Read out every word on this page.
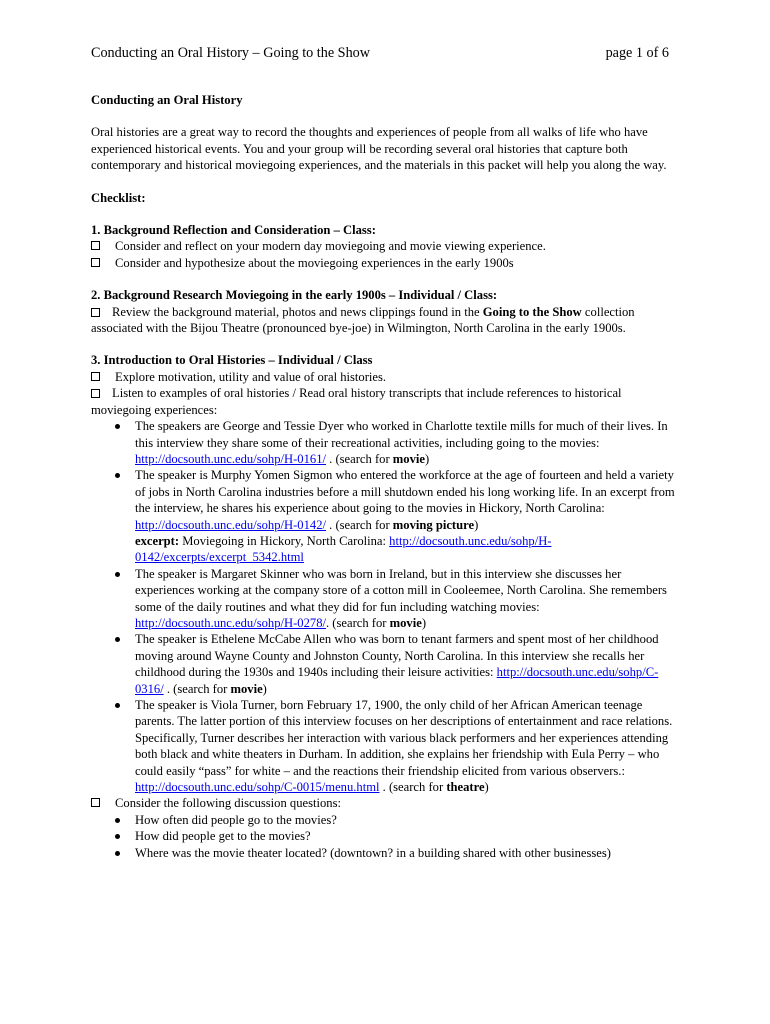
Conducting an Oral History – Going to the Show	page 1 of 6

Conducting an Oral History

Oral histories are a great way to record the thoughts and experiences of people from all walks of life who have experienced historical events. You and your group will be recording several oral histories that capture both contemporary and historical moviegoing experiences, and the materials in this packet will help you along the way.

Checklist:

1. Background Reflection and Consideration – Class:

Consider and reflect on your modern day moviegoing and movie viewing experience.
Consider and hypothesize about the moviegoing experiences in the early 1900s

2. Background Research Moviegoing in the early 1900s – Individual / Class:

Review the background material, photos and news clippings found in the Going to the Show collection associated with the Bijou Theatre (pronounced bye-joe) in Wilmington, North Carolina in the early 1900s.

3. Introduction to Oral Histories – Individual / Class

Explore motivation, utility and value of oral histories.

Listen to examples of oral histories / Read oral history transcripts that include references to historical moviegoing experiences:

The speakers are George and Tessie Dyer who worked in Charlotte textile mills for much of their lives. In this interview they share some of their recreational activities, including going to the movies: http://docsouth.unc.edu/sohp/H-0161/ . (search for movie)
The speaker is Murphy Yomen Sigmon who entered the workforce at the age of fourteen and held a variety of jobs in North Carolina industries before a mill shutdown ended his long working life. In an excerpt from the interview, he shares his experience about going to the movies in Hickory, North Carolina: http://docsouth.unc.edu/sohp/H-0142/ . (search for moving picture)
excerpt: Moviegoing in Hickory, North Carolina: http://docsouth.unc.edu/sohp/H-0142/excerpts/excerpt_5342.html
The speaker is Margaret Skinner who was born in Ireland, but in this interview she discusses her experiences working at the company store of a cotton mill in Cooleemee, North Carolina. She remembers some of the daily routines and what they did for fun including watching movies: http://docsouth.unc.edu/sohp/H-0278/. (search for movie)
The speaker is Ethelene McCabe Allen who was born to tenant farmers and spent most of her childhood moving around Wayne County and Johnston County, North Carolina. In this interview she recalls her childhood during the 1930s and 1940s including their leisure activities: http://docsouth.unc.edu/sohp/C-0316/ . (search for movie)
The speaker is Viola Turner, born February 17, 1900, the only child of her African American teenage parents. The latter portion of this interview focuses on her descriptions of entertainment and race relations. Specifically, Turner describes her interaction with various black performers and her experiences attending both black and white theaters in Durham. In addition, she explains her friendship with Eula Perry – who could easily “pass” for white – and the reactions their friendship elicited from various observers.: http://docsouth.unc.edu/sohp/C-0015/menu.html . (search for theatre)
Consider the following discussion questions:
How often did people go to the movies?
How did people get to the movies?
Where was the movie theater located? (downtown? in a building shared with other businesses)
